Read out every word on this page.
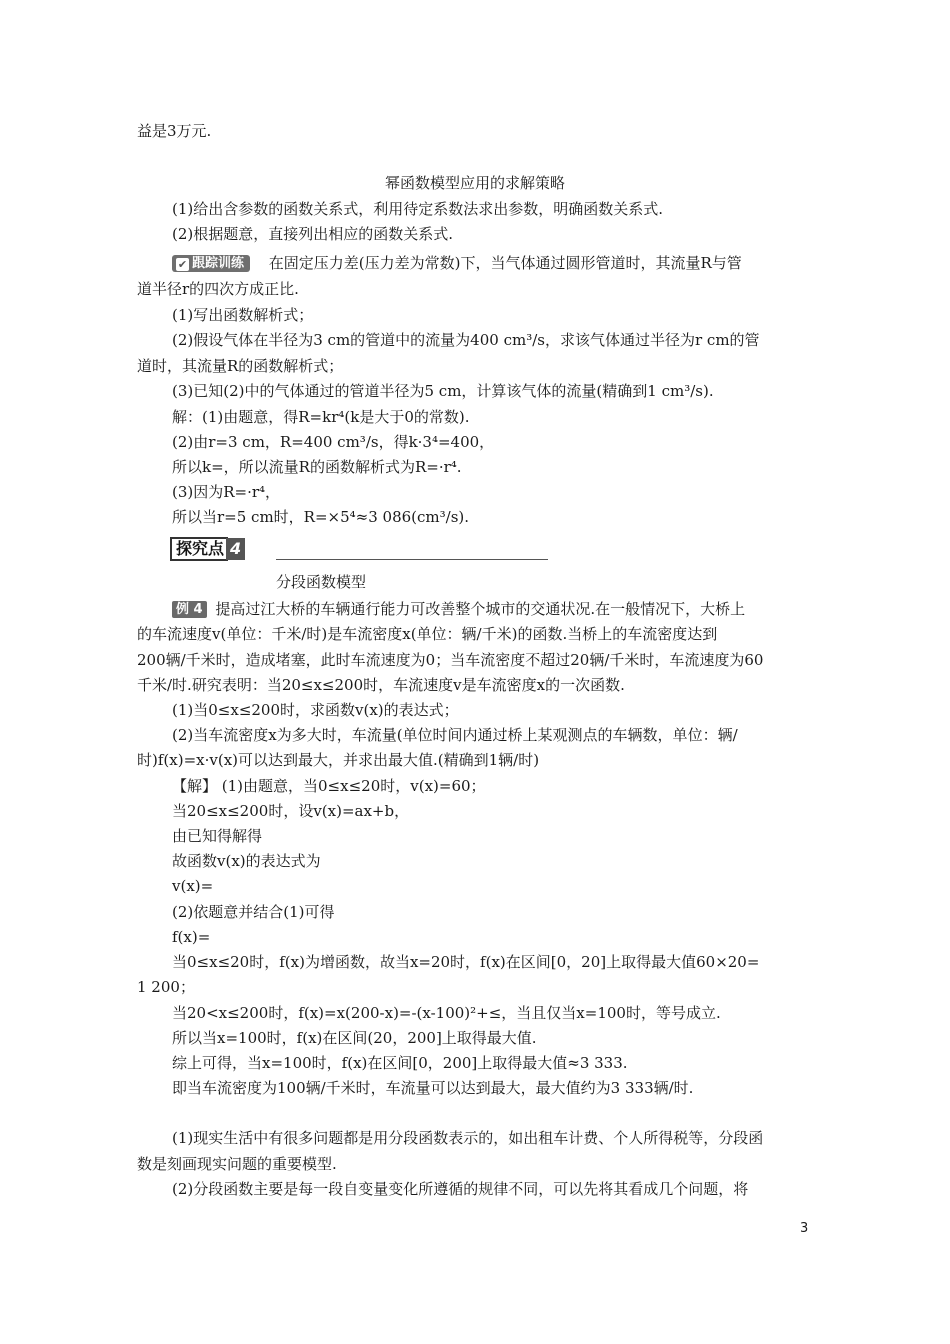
益是3万元.
幂函数模型应用的求解策略
(1)给出含参数的函数关系式，利用待定系数法求出参数，明确函数关系式.
(2)根据题意，直接列出相应的函数关系式.
✔ 跟踪训练 在固定压力差(压力差为常数)下，当气体通过圆形管道时，其流量R与管
道半径r的四次方成正比.
(1)写出函数解析式；
(2)假设气体在半径为3 cm的管道中的流量为400 cm³/s，求该气体通过半径为r cm的管
道时，其流量R的函数解析式；
(3)已知(2)中的气体通过的管道半径为5 cm，计算该气体的流量(精确到1 cm³/s).
解：(1)由题意，得R=kr⁴(k是大于0的常数).
(2)由r=3 cm，R=400 cm³/s，得k·3⁴=400，
所以k=，所以流量R的函数解析式为R=·r⁴.
(3)因为R=·r⁴，
所以当r=5 cm时，R=×5⁴≈3 086(cm³/s).
探究点 4
分段函数模型
例 4 提高过江大桥的车辆通行能力可改善整个城市的交通状况.在一般情况下，大桥上
的车流速度v(单位：千米/时)是车流密度x(单位：辆/千米)的函数.当桥上的车流密度达到
200辆/千米时，造成堵塞，此时车流速度为0；当车流密度不超过20辆/千米时，车流速度为60
千米/时.研究表明：当20≤x≤200时，车流速度v是车流密度x的一次函数.
(1)当0≤x≤200时，求函数v(x)的表达式；
(2)当车流密度x为多大时，车流量(单位时间内通过桥上某观测点的车辆数，单位：辆/
时)f(x)=x·v(x)可以达到最大，并求出最大值.(精确到1辆/时)
【解】 (1)由题意，当0≤x≤20时，v(x)=60；
当20≤x≤200时，设v(x)=ax+b，
由已知得解得
故函数v(x)的表达式为
v(x)=
(2)依题意并结合(1)可得
f(x)=
当0≤x≤20时，f(x)为增函数，故当x=20时，f(x)在区间[0，20]上取得最大值60×20=
1 200；
当20<x≤200时，f(x)=x(200-x)=-(x-100)²+≤，当且仅当x=100时，等号成立.
所以当x=100时，f(x)在区间(20，200]上取得最大值.
综上可得，当x=100时，f(x)在区间[0，200]上取得最大值≈3 333.
即当车流密度为100辆/千米时，车流量可以达到最大，最大值约为3 333辆/时.
(1)现实生活中有很多问题都是用分段函数表示的，如出租车计费、个人所得税等，分段函
数是刻画现实问题的重要模型.
(2)分段函数主要是每一段自变量变化所遵循的规律不同，可以先将其看成几个问题，将
3
